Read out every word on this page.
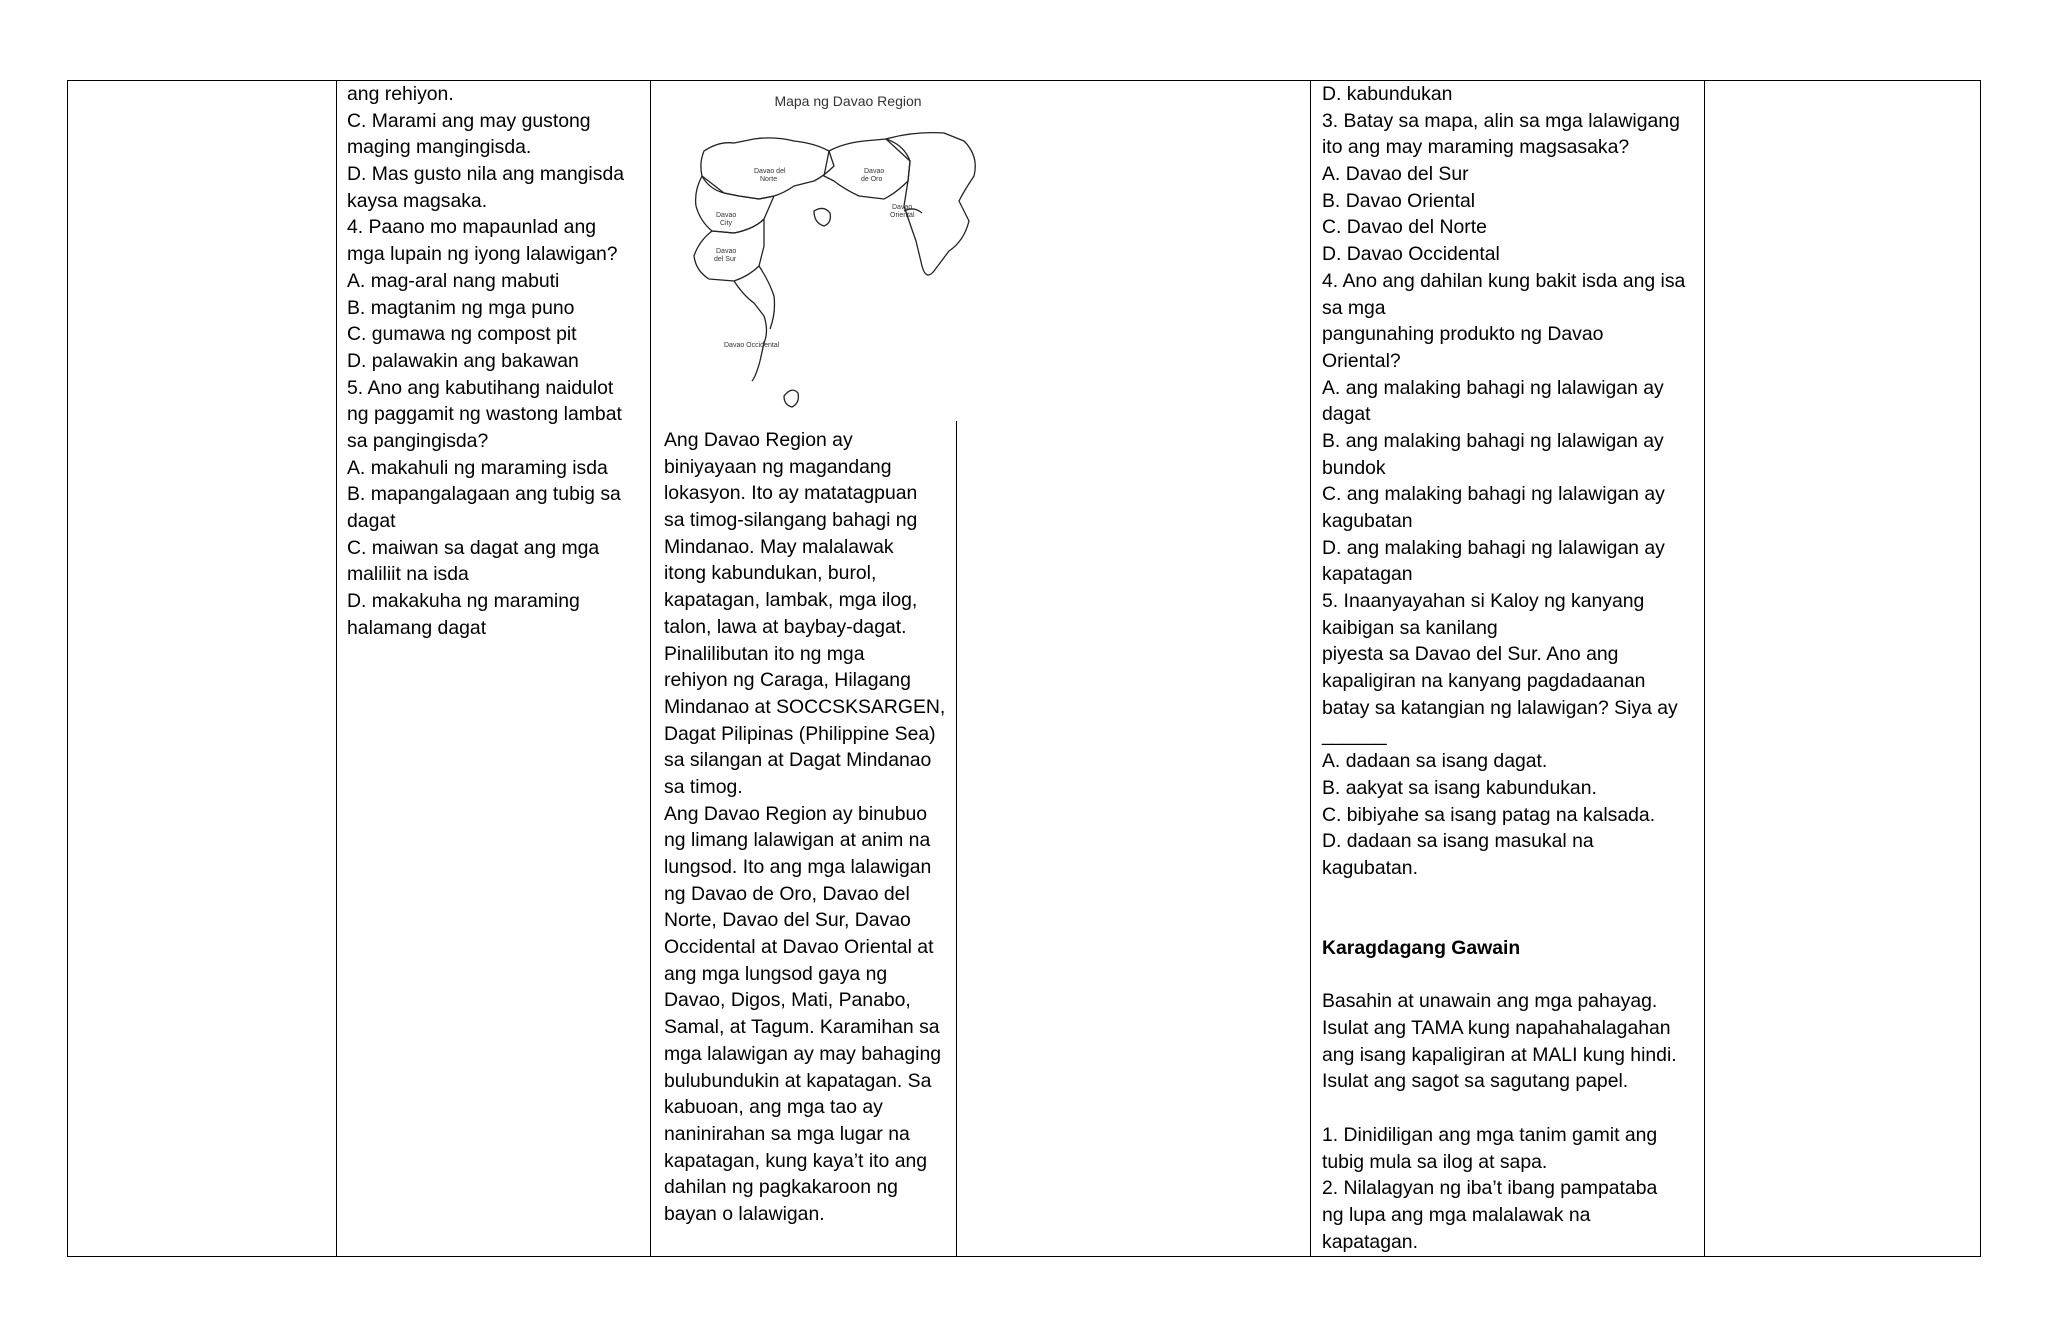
ang rehiyon.
C. Marami ang may gustong
maging mangingisda.
D. Mas gusto nila ang mangisda
kaysa magsaka.
4. Paano mo mapaunlad ang
mga lupain ng iyong lalawigan?
A. mag-aral nang mabuti
B. magtanim ng mga puno
C. gumawa ng compost pit
D. palawakin ang bakawan
5. Ano ang kabutihang naidulot
ng paggamit ng wastong lambat
sa pangingisda?
A. makahuli ng maraming isda
B. mapangalagaan ang tubig sa
dagat
C. maiwan sa dagat ang mga
maliliit na isda
D. makakuha ng maraming
halamang dagat
Mapa ng Davao Region
Davao del
Norte
Davao
de Oro
Davao
Oriental
Davao
City
Davao
del Sur
Davao Occidental
Ang Davao Region ay
biniyayaan ng magandang
lokasyon. Ito ay matatagpuan
sa timog-silangang bahagi ng
Mindanao. May malalawak
itong kabundukan, burol,
kapatagan, lambak, mga ilog,
talon, lawa at baybay-dagat.
Pinalilibutan ito ng mga
rehiyon ng Caraga, Hilagang
Mindanao at SOCCSKSARGEN,
Dagat Pilipinas (Philippine Sea)
sa silangan at Dagat Mindanao
sa timog.
Ang Davao Region ay binubuo
ng limang lalawigan at anim na
lungsod. Ito ang mga lalawigan
ng Davao de Oro, Davao del
Norte, Davao del Sur, Davao
Occidental at Davao Oriental at
ang mga lungsod gaya ng
Davao, Digos, Mati, Panabo,
Samal, at Tagum. Karamihan sa
mga lalawigan ay may bahaging
bulubundukin at kapatagan. Sa
kabuoan, ang mga tao ay
naninirahan sa mga lugar na
kapatagan, kung kaya’t ito ang
dahilan ng pagkakaroon ng
bayan o lalawigan.
D. kabundukan
3. Batay sa mapa, alin sa mga lalawigang
ito ang may maraming magsasaka?
A. Davao del Sur
B. Davao Oriental
C. Davao del Norte
D. Davao Occidental
4. Ano ang dahilan kung bakit isda ang isa
sa mga
pangunahing produkto ng Davao
Oriental?
A. ang malaking bahagi ng lalawigan ay
dagat
B. ang malaking bahagi ng lalawigan ay
bundok
C. ang malaking bahagi ng lalawigan ay
kagubatan
D. ang malaking bahagi ng lalawigan ay
kapatagan
5. Inaanyayahan si Kaloy ng kanyang
kaibigan sa kanilang
piyesta sa Davao del Sur. Ano ang
kapaligiran na kanyang pagdadaanan
batay sa katangian ng lalawigan? Siya ay
______
A. dadaan sa isang dagat.
B. aakyat sa isang kabundukan.
C. bibiyahe sa isang patag na kalsada.
D. dadaan sa isang masukal na
kagubatan.
Karagdagang Gawain
Basahin at unawain ang mga pahayag.
Isulat ang TAMA kung napahahalagahan
ang isang kapaligiran at MALI kung hindi.
Isulat ang sagot sa sagutang papel.
1. Dinidiligan ang mga tanim gamit ang
tubig mula sa ilog at sapa.
2. Nilalagyan ng iba’t ibang pampataba
ng lupa ang mga malalawak na
kapatagan.
